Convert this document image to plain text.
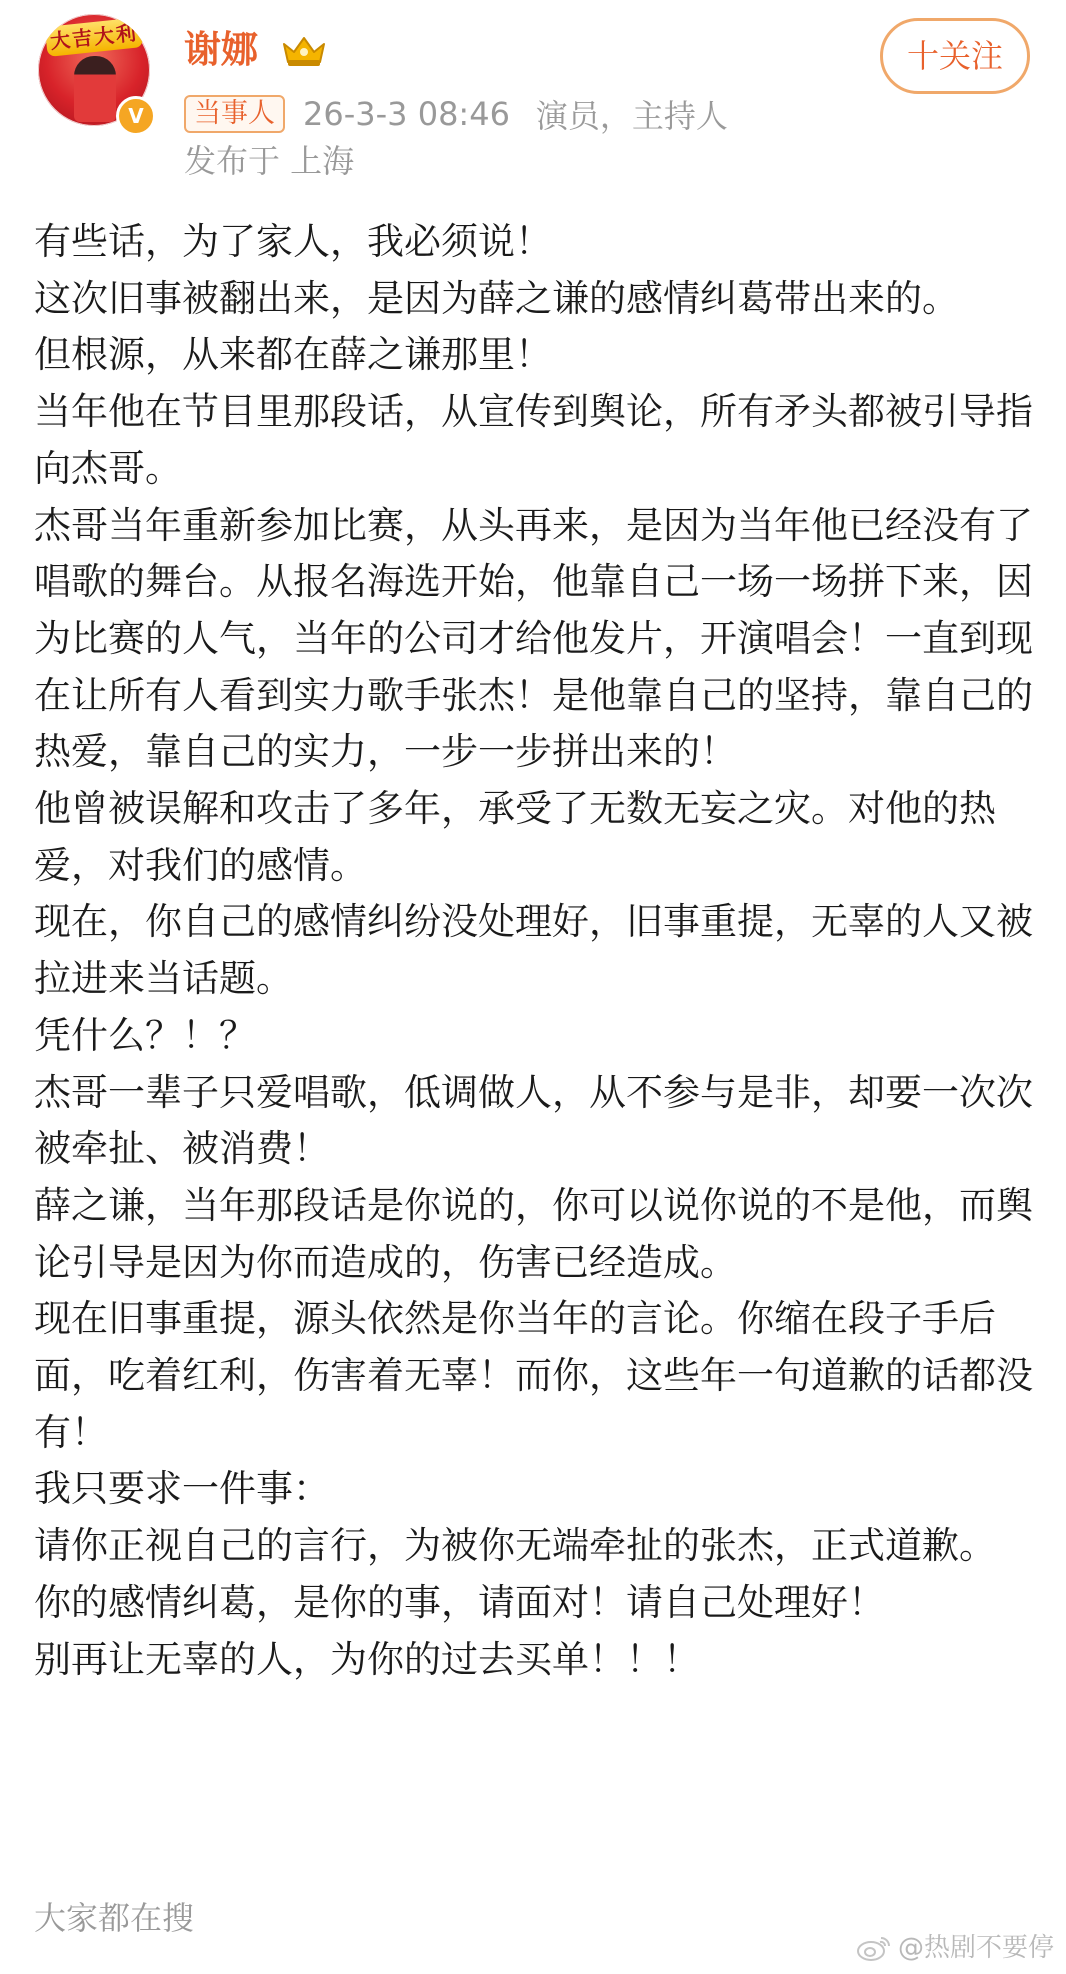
大吉大利
V
谢娜	十关注
当事人 26-3-3 08:46 演员，主持人
发布于 上海

有些话，为了家人，我必须说！

这次旧事被翻出来，是因为薛之谦的感情纠葛带出来的。

但根源，从来都在薛之谦那里！

当年他在节目里那段话，从宣传到舆论，所有矛头都被引导指向杰哥。

杰哥当年重新参加比赛，从头再来，是因为当年他已经没有了唱歌的舞台。从报名海选开始，他靠自己一场一场拼下来，因为比赛的人气，当年的公司才给他发片，开演唱会！一直到现在让所有人看到实力歌手张杰！是他靠自己的坚持，靠自己的热爱，靠自己的实力，一步一步拼出来的！

他曾被误解和攻击了多年，承受了无数无妄之灾。对他的热爱，对我们的感情。

现在，你自己的感情纠纷没处理好，旧事重提，无辜的人又被拉进来当话题。

凭什么？！？

杰哥一辈子只爱唱歌，低调做人，从不参与是非，却要一次次被牵扯、被消费！

薛之谦，当年那段话是你说的，你可以说你说的不是他，而舆论引导是因为你而造成的，伤害已经造成。

现在旧事重提，源头依然是你当年的言论。你缩在段子手后面，吃着红利，伤害着无辜！而你，这些年一句道歉的话都没有！

我只要求一件事：

请你正视自己的言行，为被你无端牵扯的张杰，正式道歉。

你的感情纠葛，是你的事，请面对！请自己处理好！

别再让无辜的人，为你的过去买单！！！

大家都在搜
@热剧不要停
